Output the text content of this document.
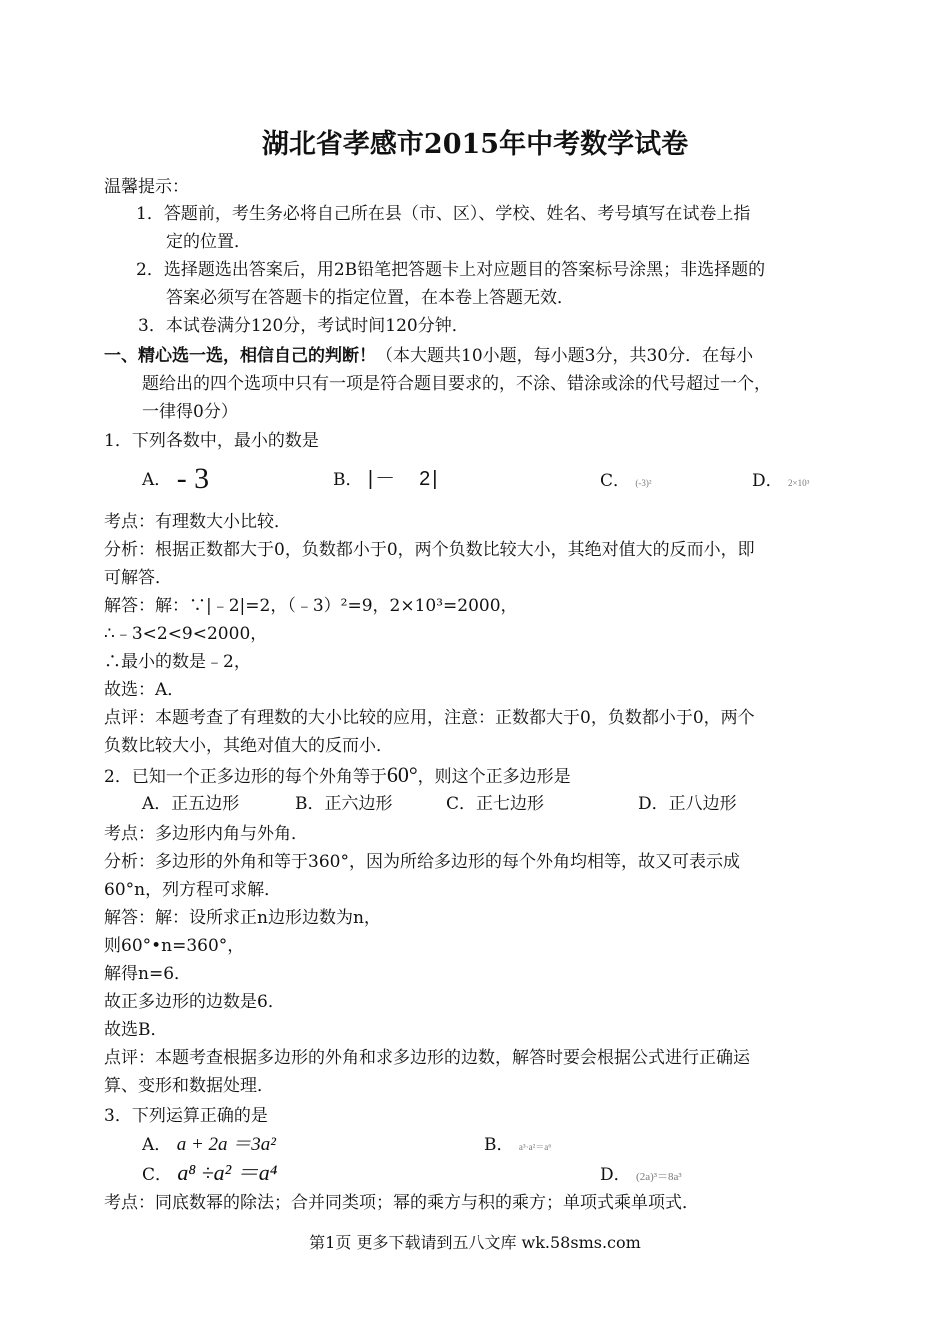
湖北省孝感市2015年中考数学试卷
温馨提示：
1．答题前，考生务必将自己所在县（市、区）、学校、姓名、考号填写在试卷上指
定的位置．
2．选择题选出答案后，用2B铅笔把答题卡上对应题目的答案标号涂黑；非选择题的
答案必须写在答题卡的指定位置，在本卷上答题无效．
3．本试卷满分120分，考试时间120分钟．
一、精心选一选，相信自己的判断！（本大题共10小题，每小题3分，共30分．在每小
题给出的四个选项中只有一项是符合题目要求的，不涂、错涂或涂的代号超过一个，
一律得0分）
1．下列各数中，最小的数是
A． - 3	B． |－　2|	C． (-3)²	D． 2×10³
考点：有理数大小比较．
分析：根据正数都大于0，负数都小于0，两个负数比较大小，其绝对值大的反而小，即
可解答．
解答：解：∵|﹣2|=2，（﹣3）²=9，2×10³=2000，
∴﹣3<2<9<2000，
∴最小的数是﹣2，
故选：A．
点评：本题考查了有理数的大小比较的应用，注意：正数都大于0，负数都小于0，两个
负数比较大小，其绝对值大的反而小．
2．已知一个正多边形的每个外角等于60°，则这个正多边形是
A．正五边形	B．正六边形	C．正七边形	D．正八边形
考点：多边形内角与外角．
分析：多边形的外角和等于360°，因为所给多边形的每个外角均相等，故又可表示成
60°n，列方程可求解．
解答：解：设所求正n边形边数为n，
则60°•n=360°，
解得n=6．
故正多边形的边数是6．
故选B．
点评：本题考查根据多边形的外角和求多边形的边数，解答时要会根据公式进行正确运
算、变形和数据处理．
3．下列运算正确的是
A． a + 2a ＝3a²	B． a³·a²＝a⁶
C． a⁸ ÷a² ＝a⁴	D． (2a)³＝8a³
考点：同底数幂的除法；合并同类项；幂的乘方与积的乘方；单项式乘单项式．
第1页 更多下载请到五八文库 wk.58sms.com
